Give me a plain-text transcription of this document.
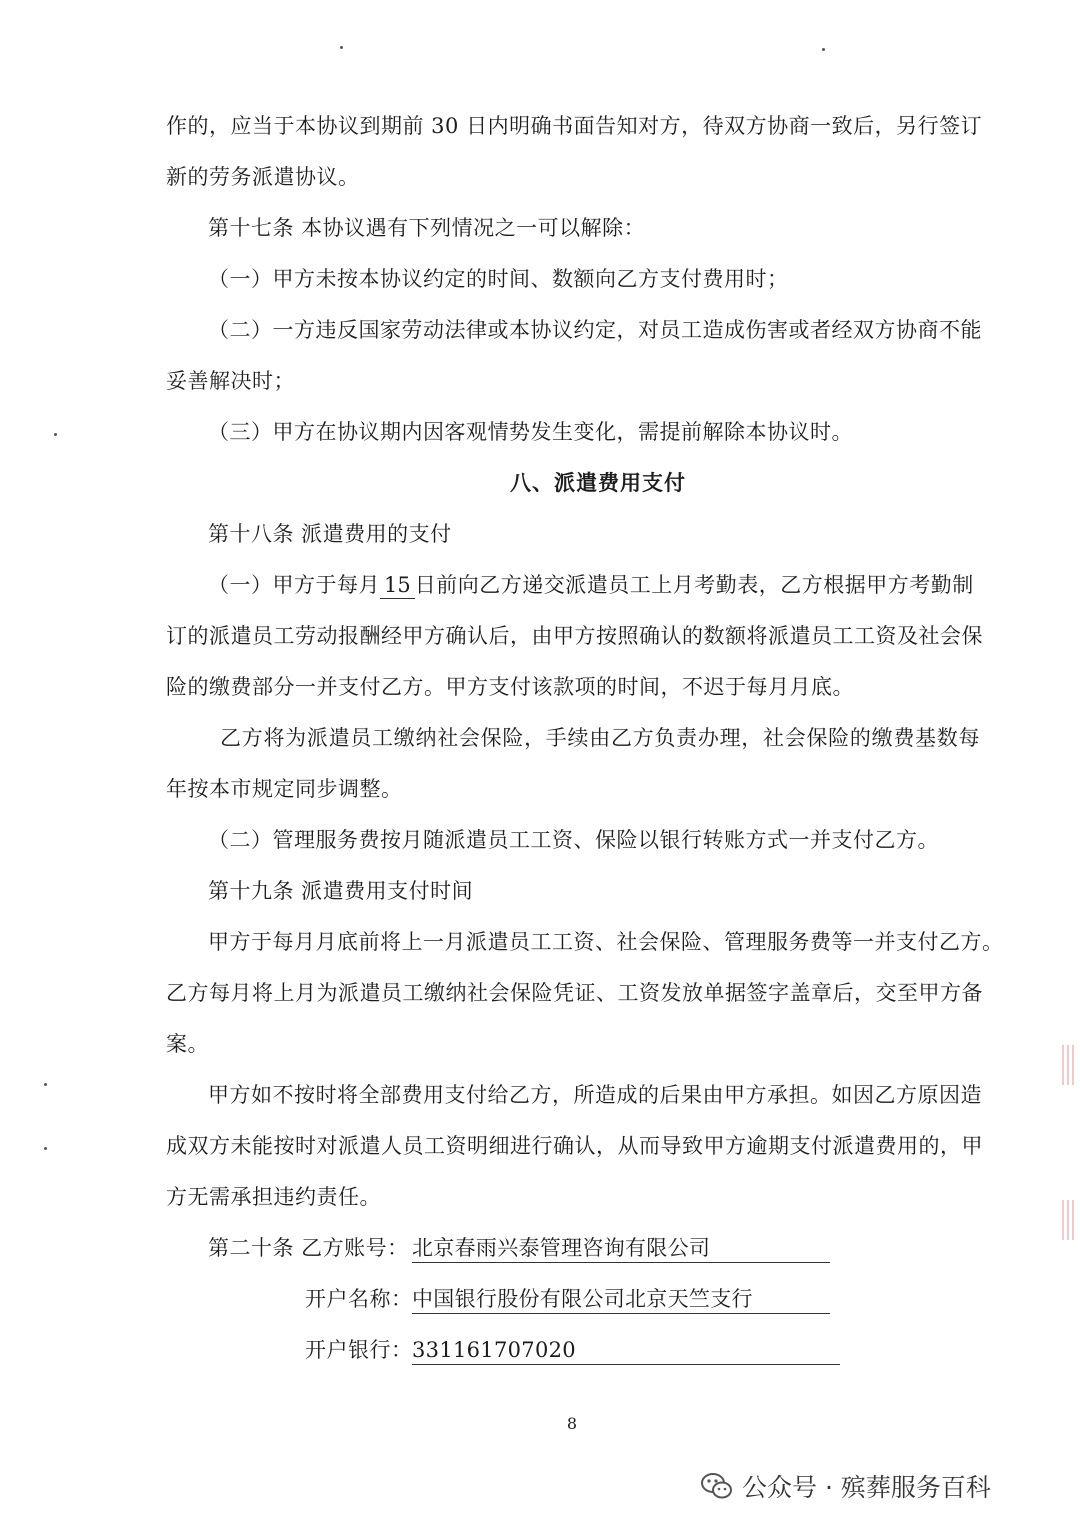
作的，应当于本协议到期前 30 日内明确书面告知对方，待双方协商一致后，另行签订
新的劳务派遣协议。
第十七条 本协议遇有下列情况之一可以解除：
（一）甲方未按本协议约定的时间、数额向乙方支付费用时；
（二）一方违反国家劳动法律或本协议约定，对员工造成伤害或者经双方协商不能
妥善解决时；
（三）甲方在协议期内因客观情势发生变化，需提前解除本协议时。
八、派遣费用支付
第十八条 派遣费用的支付
（一）甲方于每月 15 日前向乙方递交派遣员工上月考勤表，乙方根据甲方考勤制
订的派遣员工劳动报酬经甲方确认后，由甲方按照确认的数额将派遣员工工资及社会保
险的缴费部分一并支付乙方。甲方支付该款项的时间，不迟于每月月底。
乙方将为派遣员工缴纳社会保险，手续由乙方负责办理，社会保险的缴费基数每
年按本市规定同步调整。
（二）管理服务费按月随派遣员工工资、保险以银行转账方式一并支付乙方。
第十九条 派遣费用支付时间
甲方于每月月底前将上一月派遣员工工资、社会保险、管理服务费等一并支付乙方。
乙方每月将上月为派遣员工缴纳社会保险凭证、工资发放单据签字盖章后，交至甲方备
案。
甲方如不按时将全部费用支付给乙方，所造成的后果由甲方承担。如因乙方原因造
成双方未能按时对派遣人员工资明细进行确认，从而导致甲方逾期支付派遣费用的，甲
方无需承担违约责任。
第二十条 乙方账号： 北京春雨兴泰管理咨询有限公司
开户名称： 中国银行股份有限公司北京天竺支行
开户银行： 331161707020
8
公众号 · 殡葬服务百科
